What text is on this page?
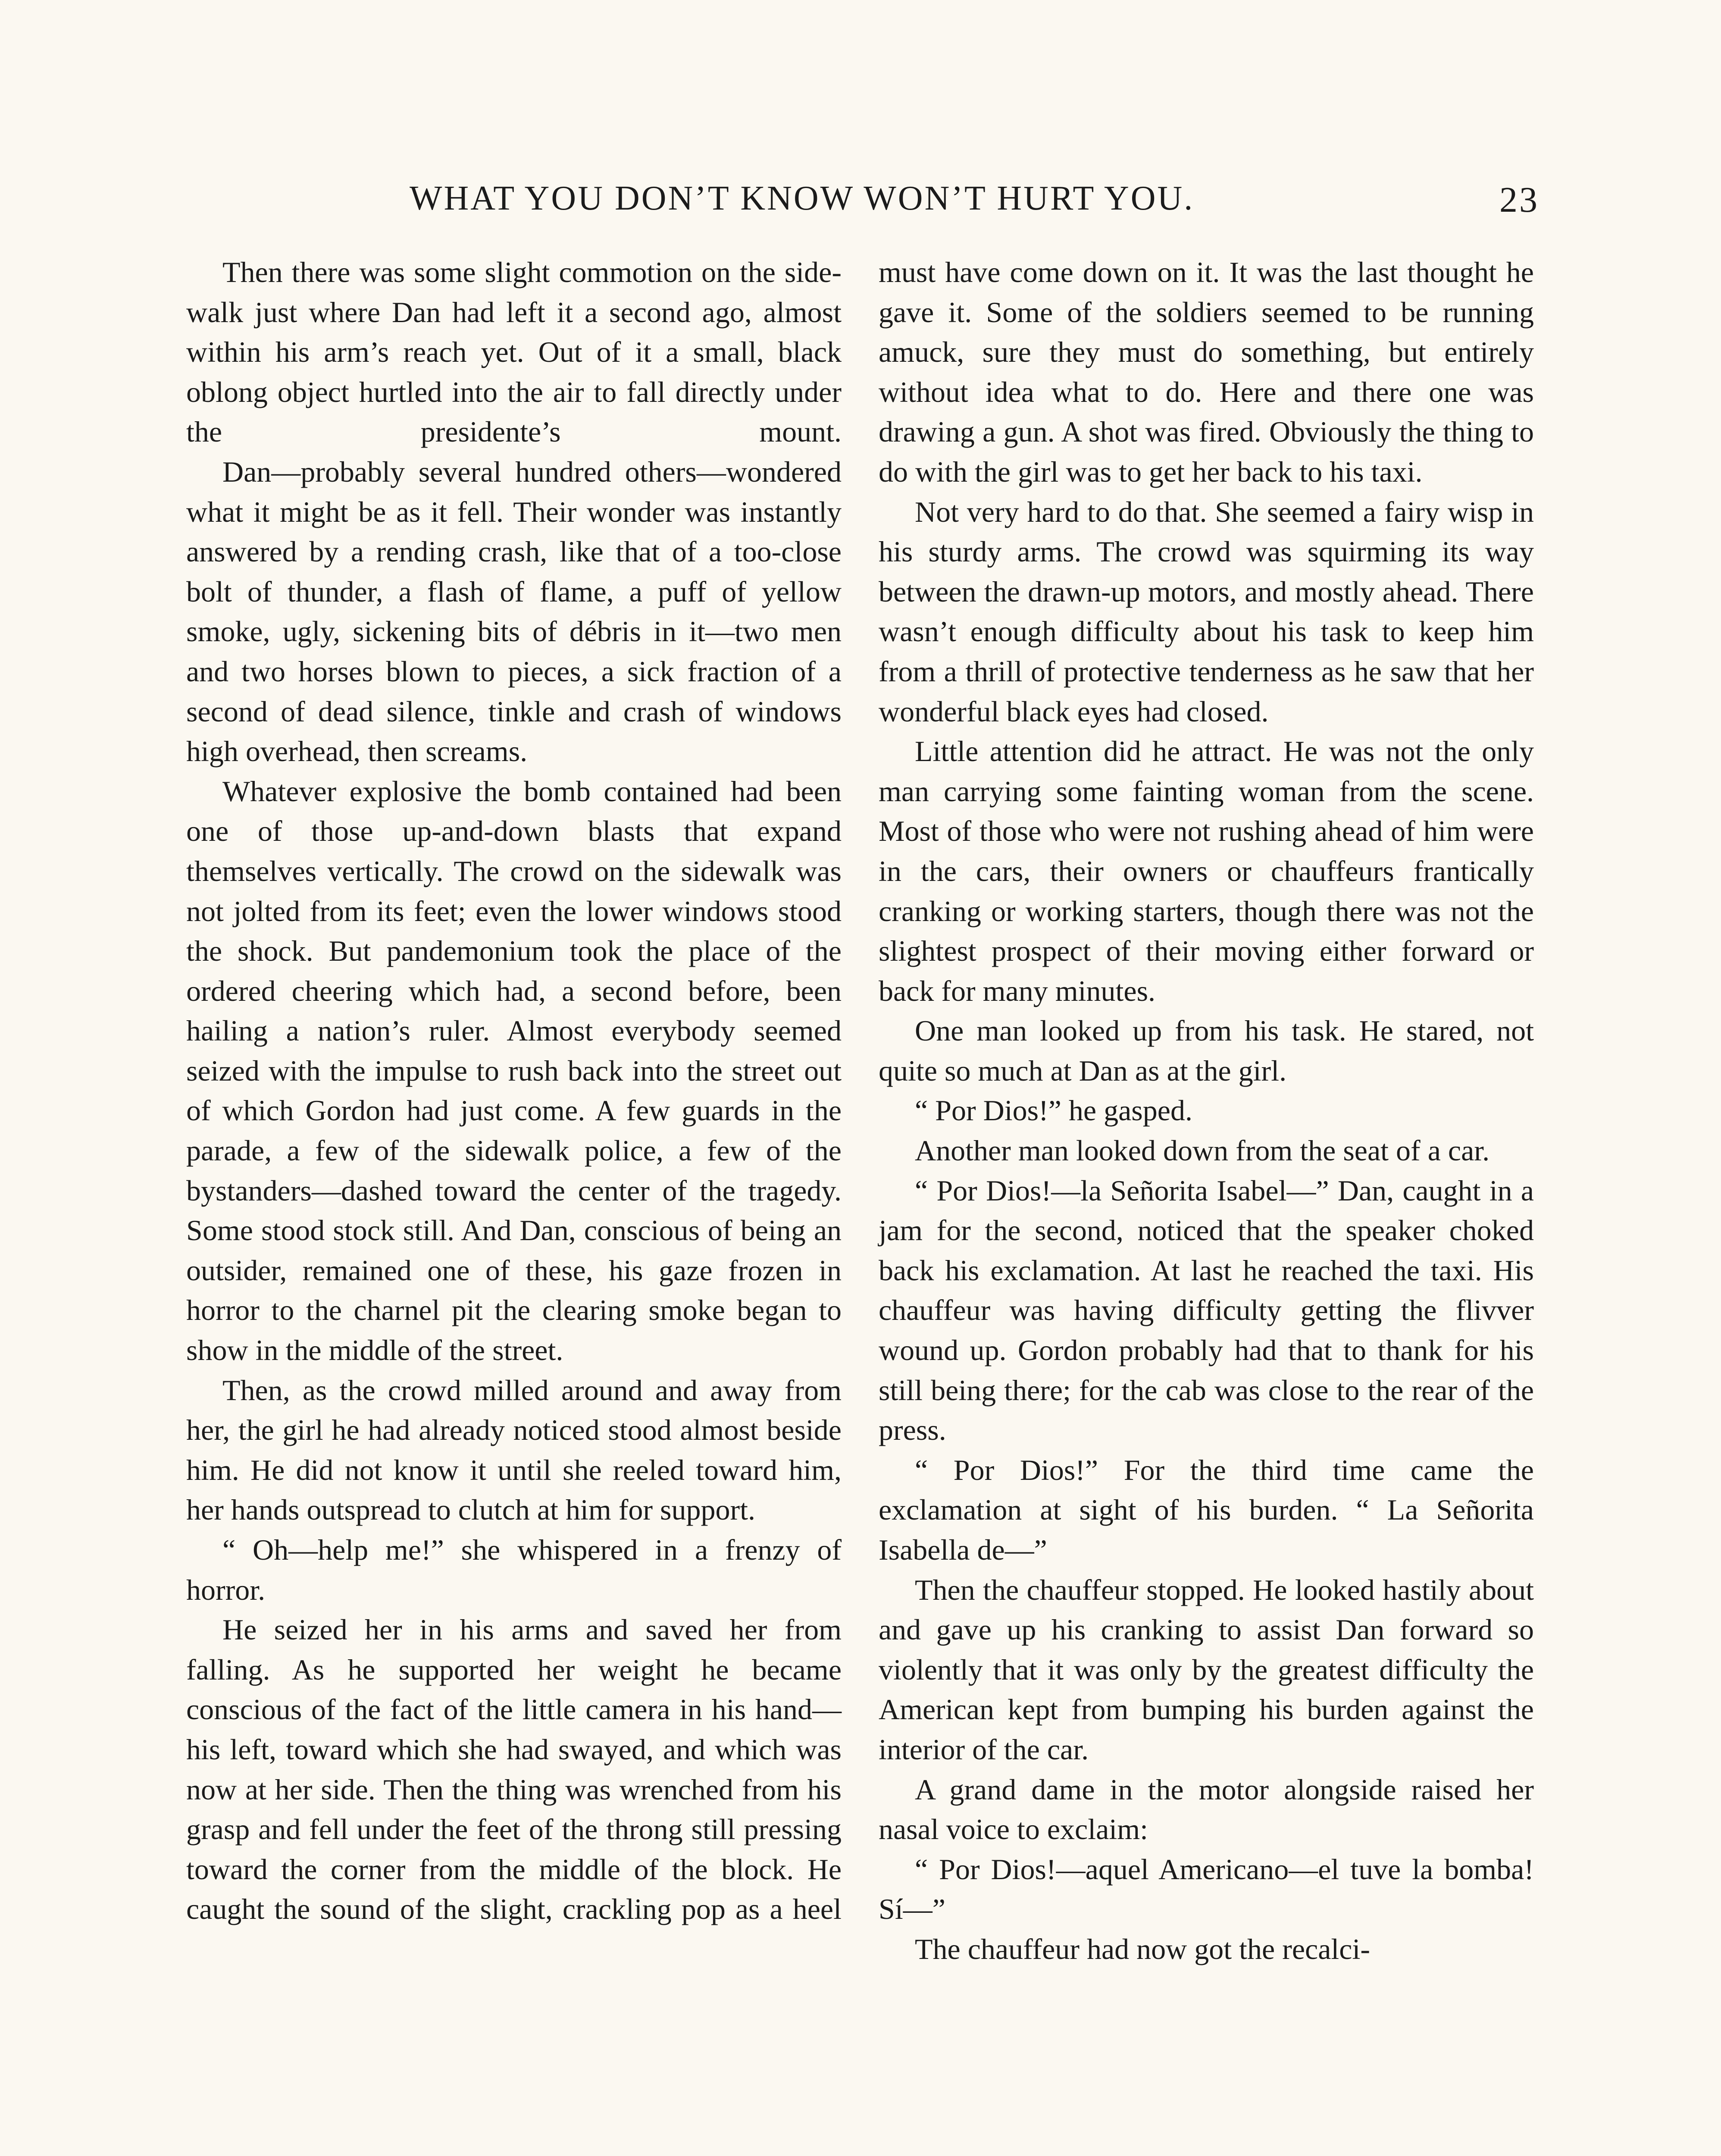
WHAT YOU DON’T KNOW WON’T HURT YOU.	23

Then there was some slight commotion on the sidewalk just where Dan had left it a second ago, almost within his arm’s reach yet. Out of it a small, black oblong object hurtled into the air to fall directly under the presidente’s mount.

Dan—probably several hundred others—wondered what it might be as it fell. Their wonder was instantly answered by a rending crash, like that of a too-close bolt of thunder, a flash of flame, a puff of yellow smoke, ugly, sickening bits of débris in it—two men and two horses blown to pieces, a sick fraction of a second of dead silence, tinkle and crash of windows high overhead, then screams.

Whatever explosive the bomb contained had been one of those up-and-down blasts that expand themselves vertically. The crowd on the sidewalk was not jolted from its feet; even the lower windows stood the shock. But pandemonium took the place of the ordered cheering which had, a second before, been hailing a nation’s ruler. Almost everybody seemed seized with the impulse to rush back into the street out of which Gordon had just come. A few guards in the parade, a few of the sidewalk police, a few of the bystanders—dashed toward the center of the tragedy. Some stood stock still. And Dan, conscious of being an outsider, remained one of these, his gaze frozen in horror to the charnel pit the clearing smoke began to show in the middle of the street.

Then, as the crowd milled around and away from her, the girl he had already noticed stood almost beside him. He did not know it until she reeled toward him, her hands outspread to clutch at him for support.

“ Oh—help me!” she whispered in a frenzy of horror.

He seized her in his arms and saved her from falling. As he supported her weight he became conscious of the fact of the little camera in his hand—his left, toward which she had swayed, and which was now at her side. Then the thing was wrenched from his grasp and fell under the feet of the throng still pressing toward the corner from the middle of the block. He caught the sound of the slight, crackling pop as a heel

must have come down on it. It was the last thought he gave it. Some of the soldiers seemed to be running amuck, sure they must do something, but entirely without idea what to do. Here and there one was drawing a gun. A shot was fired. Obviously the thing to do with the girl was to get her back to his taxi.

Not very hard to do that. She seemed a fairy wisp in his sturdy arms. The crowd was squirming its way between the drawn-up motors, and mostly ahead. There wasn’t enough difficulty about his task to keep him from a thrill of protective tenderness as he saw that her wonderful black eyes had closed.

Little attention did he attract. He was not the only man carrying some fainting woman from the scene. Most of those who were not rushing ahead of him were in the cars, their owners or chauffeurs frantically cranking or working starters, though there was not the slightest prospect of their moving either forward or back for many minutes.

One man looked up from his task. He stared, not quite so much at Dan as at the girl.

“ Por Dios!” he gasped.

Another man looked down from the seat of a car.

“ Por Dios!—la Señorita Isabel—” Dan, caught in a jam for the second, noticed that the speaker choked back his exclamation. At last he reached the taxi. His chauffeur was having difficulty getting the flivver wound up. Gordon probably had that to thank for his still being there; for the cab was close to the rear of the press.

“ Por Dios!” For the third time came the exclamation at sight of his burden. “ La Señorita Isabella de—”

Then the chauffeur stopped. He looked hastily about and gave up his cranking to assist Dan forward so violently that it was only by the greatest difficulty the American kept from bumping his burden against the interior of the car.

A grand dame in the motor alongside raised her nasal voice to exclaim:

“ Por Dios!—aquel Americano—el tuve la bomba! Sí—”

The chauffeur had now got the recalci-
